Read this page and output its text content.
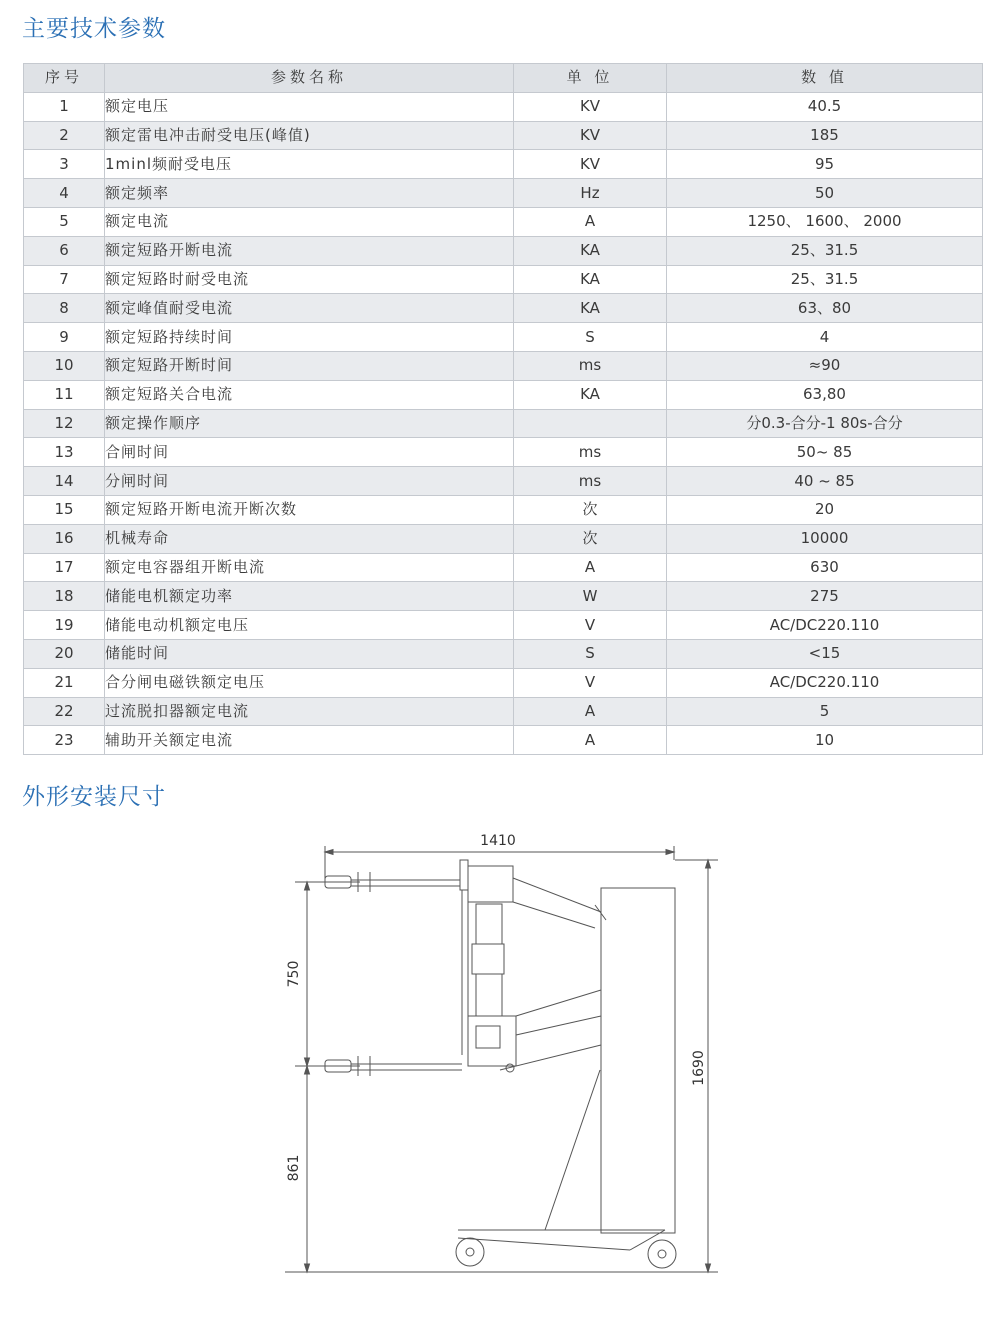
主要技术参数
序号	参数名称	单 位	数 值
1	额定电压	KV	40.5
2	额定雷电冲击耐受电压(峰值)	KV	185
3	1minl频耐受电压	KV	95
4	额定频率	Hz	50
5	额定电流	A	1250、 1600、 2000
6	额定短路开断电流	KA	25、31.5
7	额定短路时耐受电流	KA	25、31.5
8	额定峰值耐受电流	KA	63、80
9	额定短路持续时间	S	4
10	额定短路开断时间	ms	≈90
11	额定短路关合电流	KA	63,80
12	额定操作顺序		分0.3-合分-1 80s-合分
13	合闸时间	ms	50~ 85
14	分闸时间	ms	40 ~ 85
15	额定短路开断电流开断次数	次	20
16	机械寿命	次	10000
17	额定电容器组开断电流	A	630
18	储能电机额定功率	W	275
19	储能电动机额定电压	V	AC/DC220.110
20	储能时间	S	<15
21	合分闸电磁铁额定电压	V	AC/DC220.110
22	过流脱扣器额定电流	A	5
23	辅助开关额定电流	A	10
外形安装尺寸
1410
750
861
1690
